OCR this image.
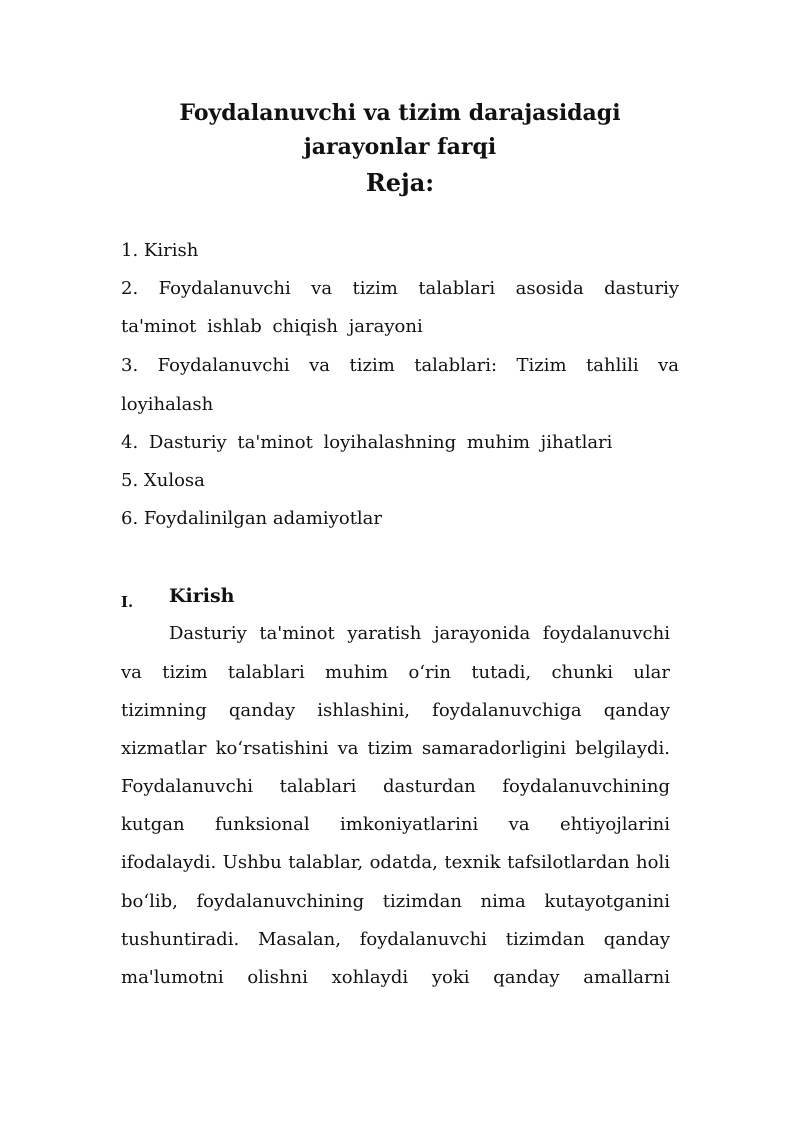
Foydalanuvchi va tizim darajasidagi
jarayonlar farqi
Reja:
1. Kirish
2. Foydalanuvchi va tizim talablari asosida dasturiy
ta'minot ishlab chiqish jarayoni
3. Foydalanuvchi va tizim talablari: Tizim tahlili va
loyihalash
4. Dasturiy ta'minot loyihalashning muhim jihatlari
5. Xulosa
6. Foydalinilgan adamiyotlar
I. Kirish
Dasturiy ta'minot yaratish jarayonida foydalanuvchi
va tizim talablari muhim o‘rin tutadi, chunki ular
tizimning qanday ishlashini, foydalanuvchiga qanday
xizmatlar ko‘rsatishini va tizim samaradorligini belgilaydi.
Foydalanuvchi talablari dasturdan foydalanuvchining
kutgan funksional imkoniyatlarini va ehtiyojlarini
ifodalaydi. Ushbu talablar, odatda, texnik tafsilotlardan holi
bo‘lib, foydalanuvchining tizimdan nima kutayotganini
tushuntiradi. Masalan, foydalanuvchi tizimdan qanday
ma'lumotni olishni xohlaydi yoki qanday amallarni
